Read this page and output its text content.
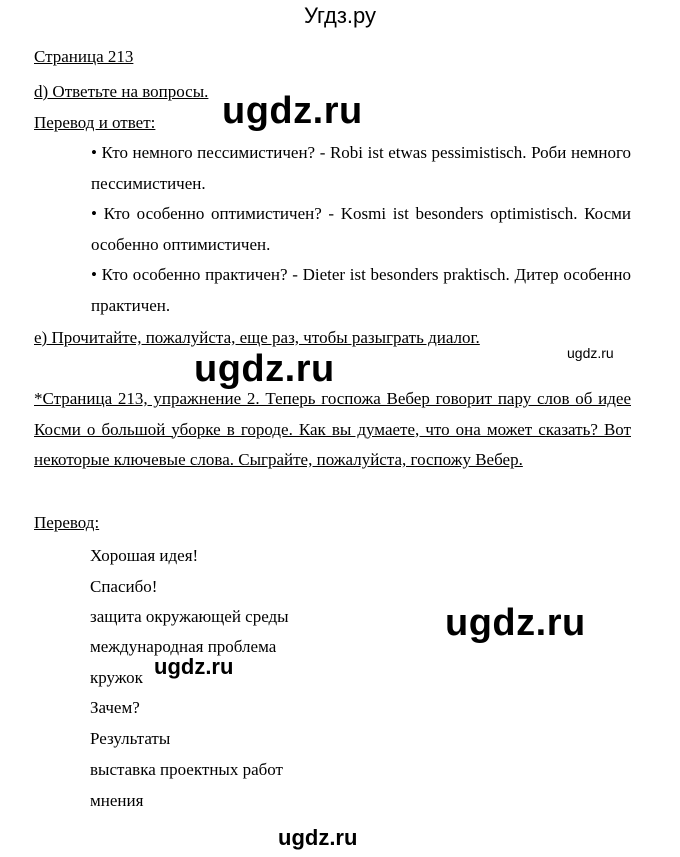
Угдз.ру
Страница 213
d) Ответьте на вопросы.
Перевод и ответ:
• Кто немного пессимистичен? - Robi ist etwas pessimistisch. Роби немного пессимистичен.
• Кто особенно оптимистичен? - Kosmi ist besonders optimistisch. Косми особенно оптимистичен.
• Кто особенно практичен? - Dieter ist besonders praktisch. Дитер особенно практичен.
e) Прочитайте, пожалуйста, еще раз, чтобы разыграть диалог.
*Страница 213, упражнение 2. Теперь госпожа Вебер говорит пару слов об идее Косми о большой уборке в городе. Как вы думаете, что она может сказать? Вот некоторые ключевые слова. Сыграйте, пожалуйста, госпожу Вебер.
Перевод:
Хорошая идея!
Спасибо!
защита окружающей среды
международная проблема
кружок
Зачем?
Результаты
выставка проектных работ
мнения
ugdz.ru
ugdz.ru	ugdz.ru
ugdz.ru
ugdz.ru
ugdz.ru
